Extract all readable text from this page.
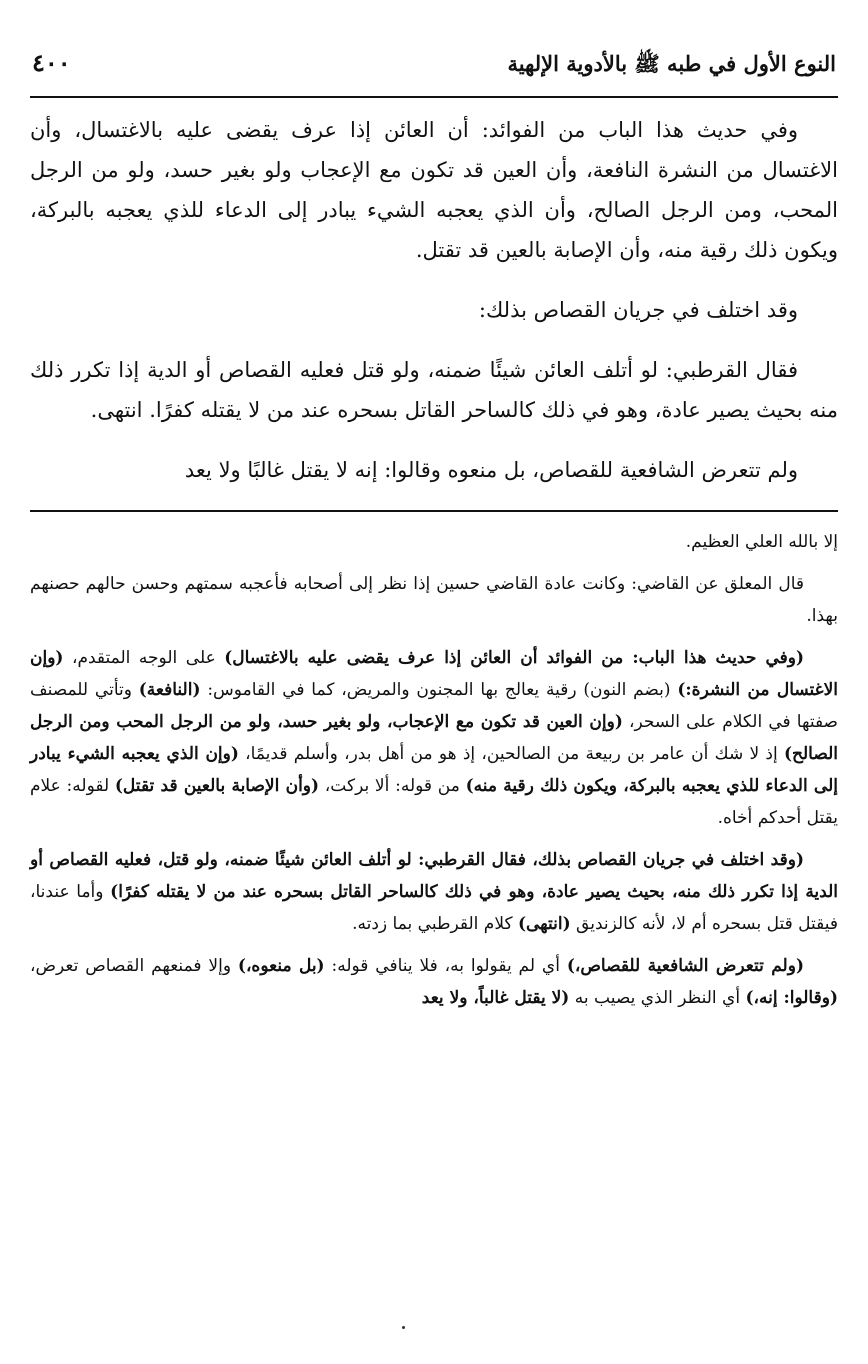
النوع الأول في طبه ﷺ بالأدوية الإلهية
٤٠٠

وفي حديث هذا الباب من الفوائد: أن العائن إذا عرف يقضى عليه بالاغتسال، وأن الاغتسال من النشرة النافعة، وأن العين قد تكون مع الإعجاب ولو بغير حسد، ولو من الرجل المحب، ومن الرجل الصالح، وأن الذي يعجبه الشيء يبادر إلى الدعاء للذي يعجبه بالبركة، ويكون ذلك رقية منه، وأن الإصابة بالعين قد تقتل.

وقد اختلف في جريان القصاص بذلك:

فقال القرطبي: لو أتلف العائن شيئًا ضمنه، ولو قتل فعليه القصاص أو الدية إذا تكرر ذلك منه بحيث يصير عادة، وهو في ذلك كالساحر القاتل بسحره عند من لا يقتله كفرًا. انتهى.

ولم تتعرض الشافعية للقصاص، بل منعوه وقالوا: إنه لا يقتل غالبًا ولا يعد

إلا بالله العلي العظيم.

قال المعلق عن القاضي: وكانت عادة القاضي حسين إذا نظر إلى أصحابه فأعجبه سمتهم وحسن حالهم حصنهم بهذا.

(وفي حديث هذا الباب: من الفوائد أن العائن إذا عرف يقضى عليه بالاغتسال) على الوجه المتقدم، (وإن الاغتسال من النشرة:) (بضم النون) رقية يعالج بها المجنون والمريض، كما في القاموس: (النافعة) وتأتي للمصنف صفتها في الكلام على السحر، (وإن العين قد تكون مع الإعجاب، ولو بغير حسد، ولو من الرجل المحب ومن الرجل الصالح) إذ لا شك أن عامر بن ربيعة من الصالحين، إذ هو من أهل بدر، وأسلم قديمًا، (وإن الذي يعجبه الشيء يبادر إلى الدعاء للذي يعجبه بالبركة، ويكون ذلك رقية منه) من قوله: ألا بركت، (وأن الإصابة بالعين قد تقتل) لقوله: علام يقتل أحدكم أخاه.

(وقد اختلف في جريان القصاص بذلك، فقال القرطبي: لو أتلف العائن شيئًا ضمنه، ولو قتل، فعليه القصاص أو الدية إذا تكرر ذلك منه، بحيث يصير عادة، وهو في ذلك كالساحر القاتل بسحره عند من لا يقتله كفرًا) وأما عندنا، فيقتل قتل بسحره أم لا، لأنه كالزنديق (انتهى) كلام القرطبي بما زدته.

(ولم تتعرض الشافعية للقصاص،) أي لم يقولوا به، فلا ينافي قوله: (بل منعوه،) وإلا فمنعهم القصاص تعرض، (وقالوا: إنه،) أي النظر الذي يصيب به (لا يقتل غالباً، ولا يعد
